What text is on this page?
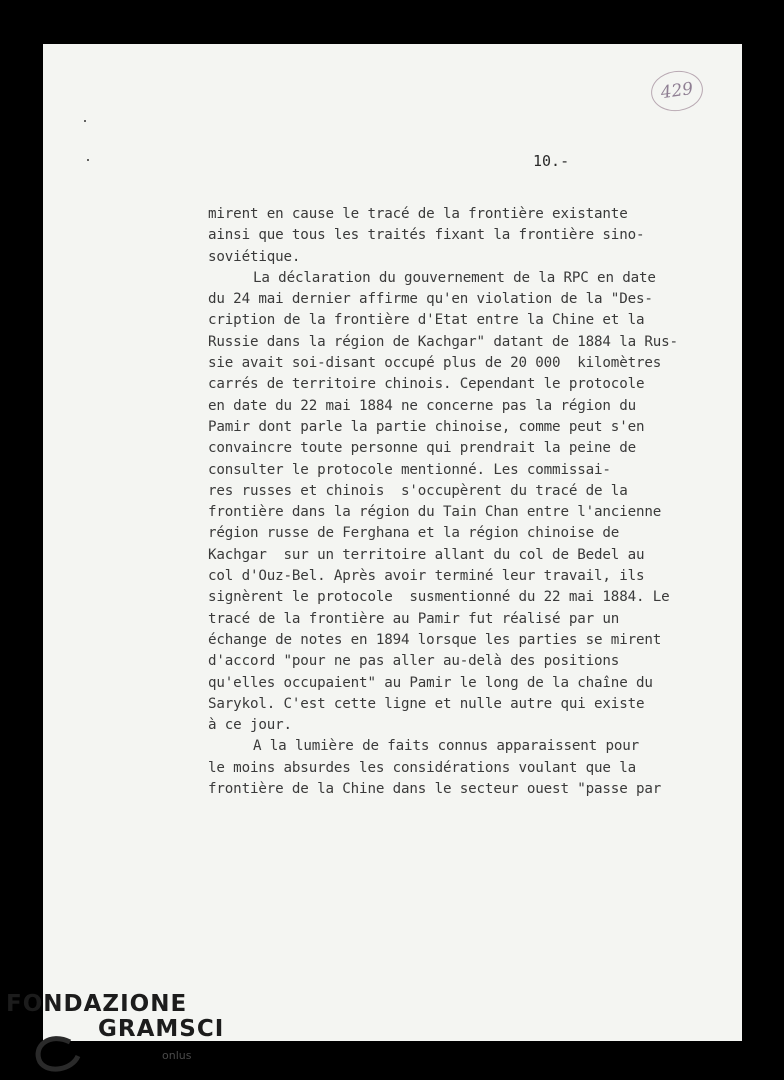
429
10.-
mirent en cause le tracé de la frontière existante
ainsi que tous les traités fixant la frontière sino-
soviétique.
La déclaration du gouvernement de la RPC en date
du 24 mai dernier affirme qu'en violation de la "Des-
cription de la frontière d'Etat entre la Chine et la
Russie dans la région de Kachgar" datant de 1884 la Rus-
sie avait soi-disant occupé plus de 20 000  kilomètres
carrés de territoire chinois. Cependant le protocole
en date du 22 mai 1884 ne concerne pas la région du
Pamir dont parle la partie chinoise, comme peut s'en
convaincre toute personne qui prendrait la peine de
consulter le protocole mentionné. Les commissai-
res russes et chinois  s'occupèrent du tracé de la
frontière dans la région du Tain Chan entre l'ancienne
région russe de Ferghana et la région chinoise de
Kachgar  sur un territoire allant du col de Bedel au
col d'Ouz-Bel. Après avoir terminé leur travail, ils
signèrent le protocole  susmentionné du 22 mai 1884. Le
tracé de la frontière au Pamir fut réalisé par un
échange de notes en 1894 lorsque les parties se mirent
d'accord "pour ne pas aller au-delà des positions
qu'elles occupaient" au Pamir le long de la chaîne du
Sarykol. C'est cette ligne et nulle autre qui existe
à ce jour.
A la lumière de faits connus apparaissent pour
le moins absurdes les considérations voulant que la
frontière de la Chine dans le secteur ouest "passe par
FONDAZIONE
GRAMSCI
onlus
